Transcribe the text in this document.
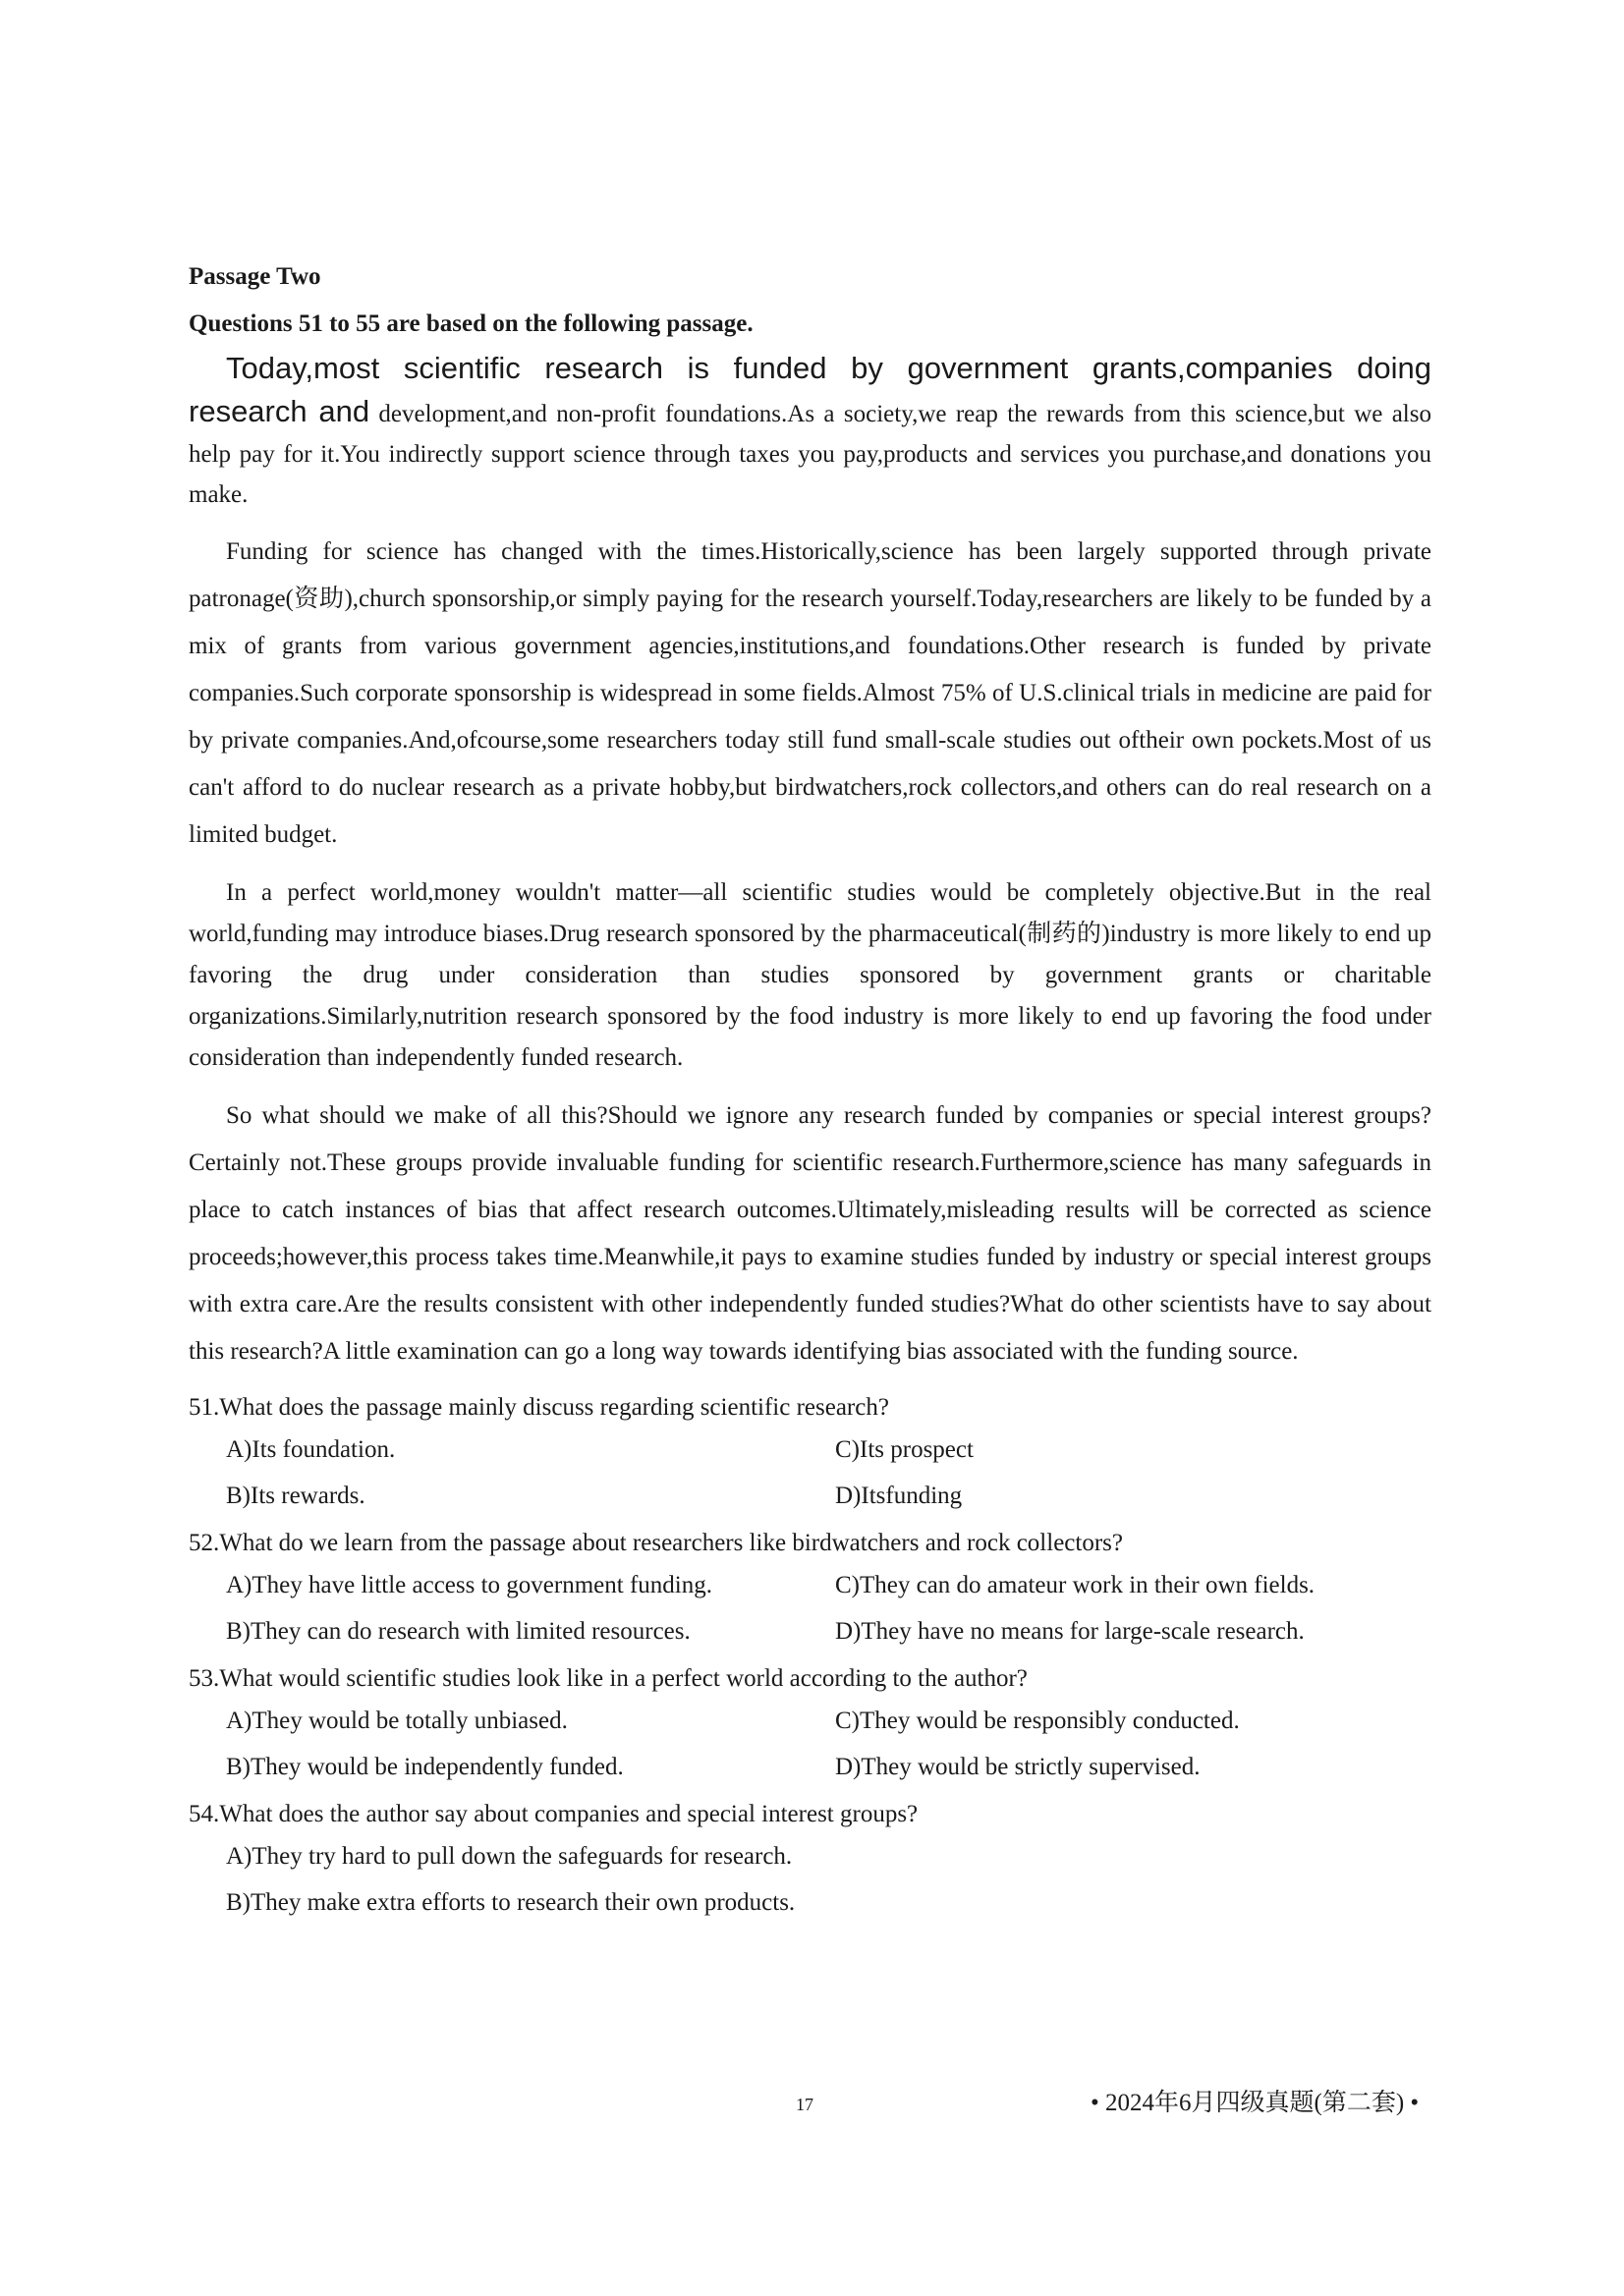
Passage Two

Questions 51 to 55 are based on the following passage.

Today,most scientific research is funded by government grants,companies doing research and development,and non-profit foundations.As a society,we reap the rewards from this science,but we also help pay for it.You indirectly support science through taxes you pay,products and services you purchase,and donations you make.

Funding for science has changed with the times.Historically,science has been largely supported through private patronage(资助),church sponsorship,or simply paying for the research yourself.Today,researchers are likely to be funded by a mix of grants from various government agencies,institutions,and foundations.Other research is funded by private companies.Such corporate sponsorship is widespread in some fields.Almost 75% of U.S.clinical trials in medicine are paid for by private companies.And,ofcourse,some researchers today still fund small-scale studies out oftheir own pockets.Most of us can't afford to do nuclear research as a private hobby,but birdwatchers,rock collectors,and others can do real research on a limited budget.

In a perfect world,money wouldn't matter—all scientific studies would be completely objective.But in the real world,funding may introduce biases.Drug research sponsored by the pharmaceutical(制药的)industry is more likely to end up favoring the drug under consideration than studies sponsored by government grants or charitable organizations.Similarly,nutrition research sponsored by the food industry is more likely to end up favoring the food under consideration than independently funded research.

So what should we make of all this?Should we ignore any research funded by companies or special interest groups?Certainly not.These groups provide invaluable funding for scientific research.Furthermore,science has many safeguards in place to catch instances of bias that affect research outcomes.Ultimately,misleading results will be corrected as science proceeds;however,this process takes time.Meanwhile,it pays to examine studies funded by industry or special interest groups with extra care.Are the results consistent with other independently funded studies?What do other scientists have to say about this research?A little examination can go a long way towards identifying bias associated with the funding source.

51.What does the passage mainly discuss regarding scientific research?

A)Its foundation.	C)Its prospect
B)Its rewards.	D)Itsfunding

52.What do we learn from the passage about researchers like birdwatchers and rock collectors?

A)They have little access to government funding.	C)They can do amateur work in their own fields.
B)They can do research with limited resources.	D)They have no means for large-scale research.

53.What would scientific studies look like in a perfect world according to the author?

A)They would be totally unbiased.	C)They would be responsibly conducted.
B)They would be independently funded.	D)They would be strictly supervised.

54.What does the author say about companies and special interest groups?

A)They try hard to pull down the safeguards for research.
B)They make extra efforts to research their own products.
17	• 2024年6月四级真题(第二套) •
